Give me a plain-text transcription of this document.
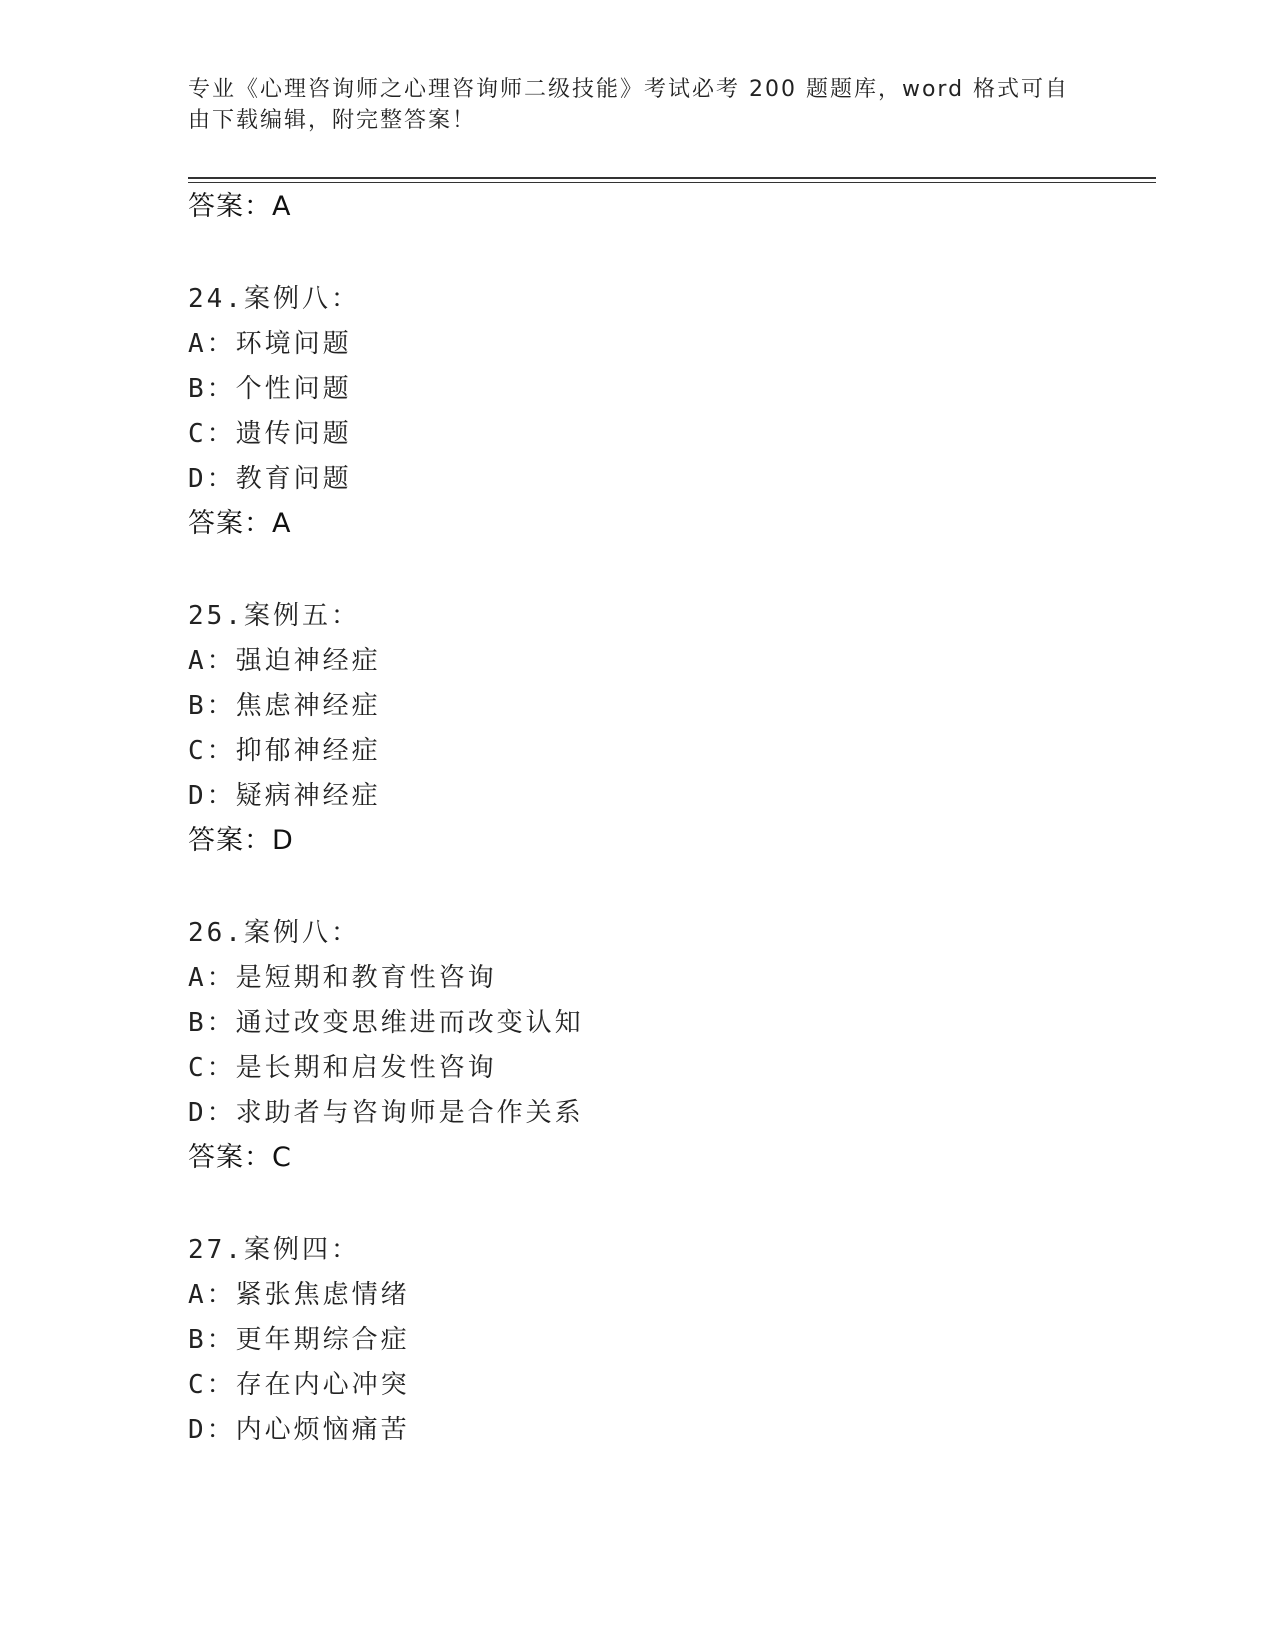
专业《心理咨询师之心理咨询师二级技能》考试必考 200 题题库，word 格式可自
由下载编辑，附完整答案！
答案：A
24.案例八：
A：环境问题
B：个性问题
C：遗传问题
D：教育问题
答案：A
25.案例五：
A：强迫神经症
B：焦虑神经症
C：抑郁神经症
D：疑病神经症
答案：D
26.案例八：
A：是短期和教育性咨询
B：通过改变思维进而改变认知
C：是长期和启发性咨询
D：求助者与咨询师是合作关系
答案：C
27.案例四：
A：紧张焦虑情绪
B：更年期综合症
C：存在内心冲突
D：内心烦恼痛苦
